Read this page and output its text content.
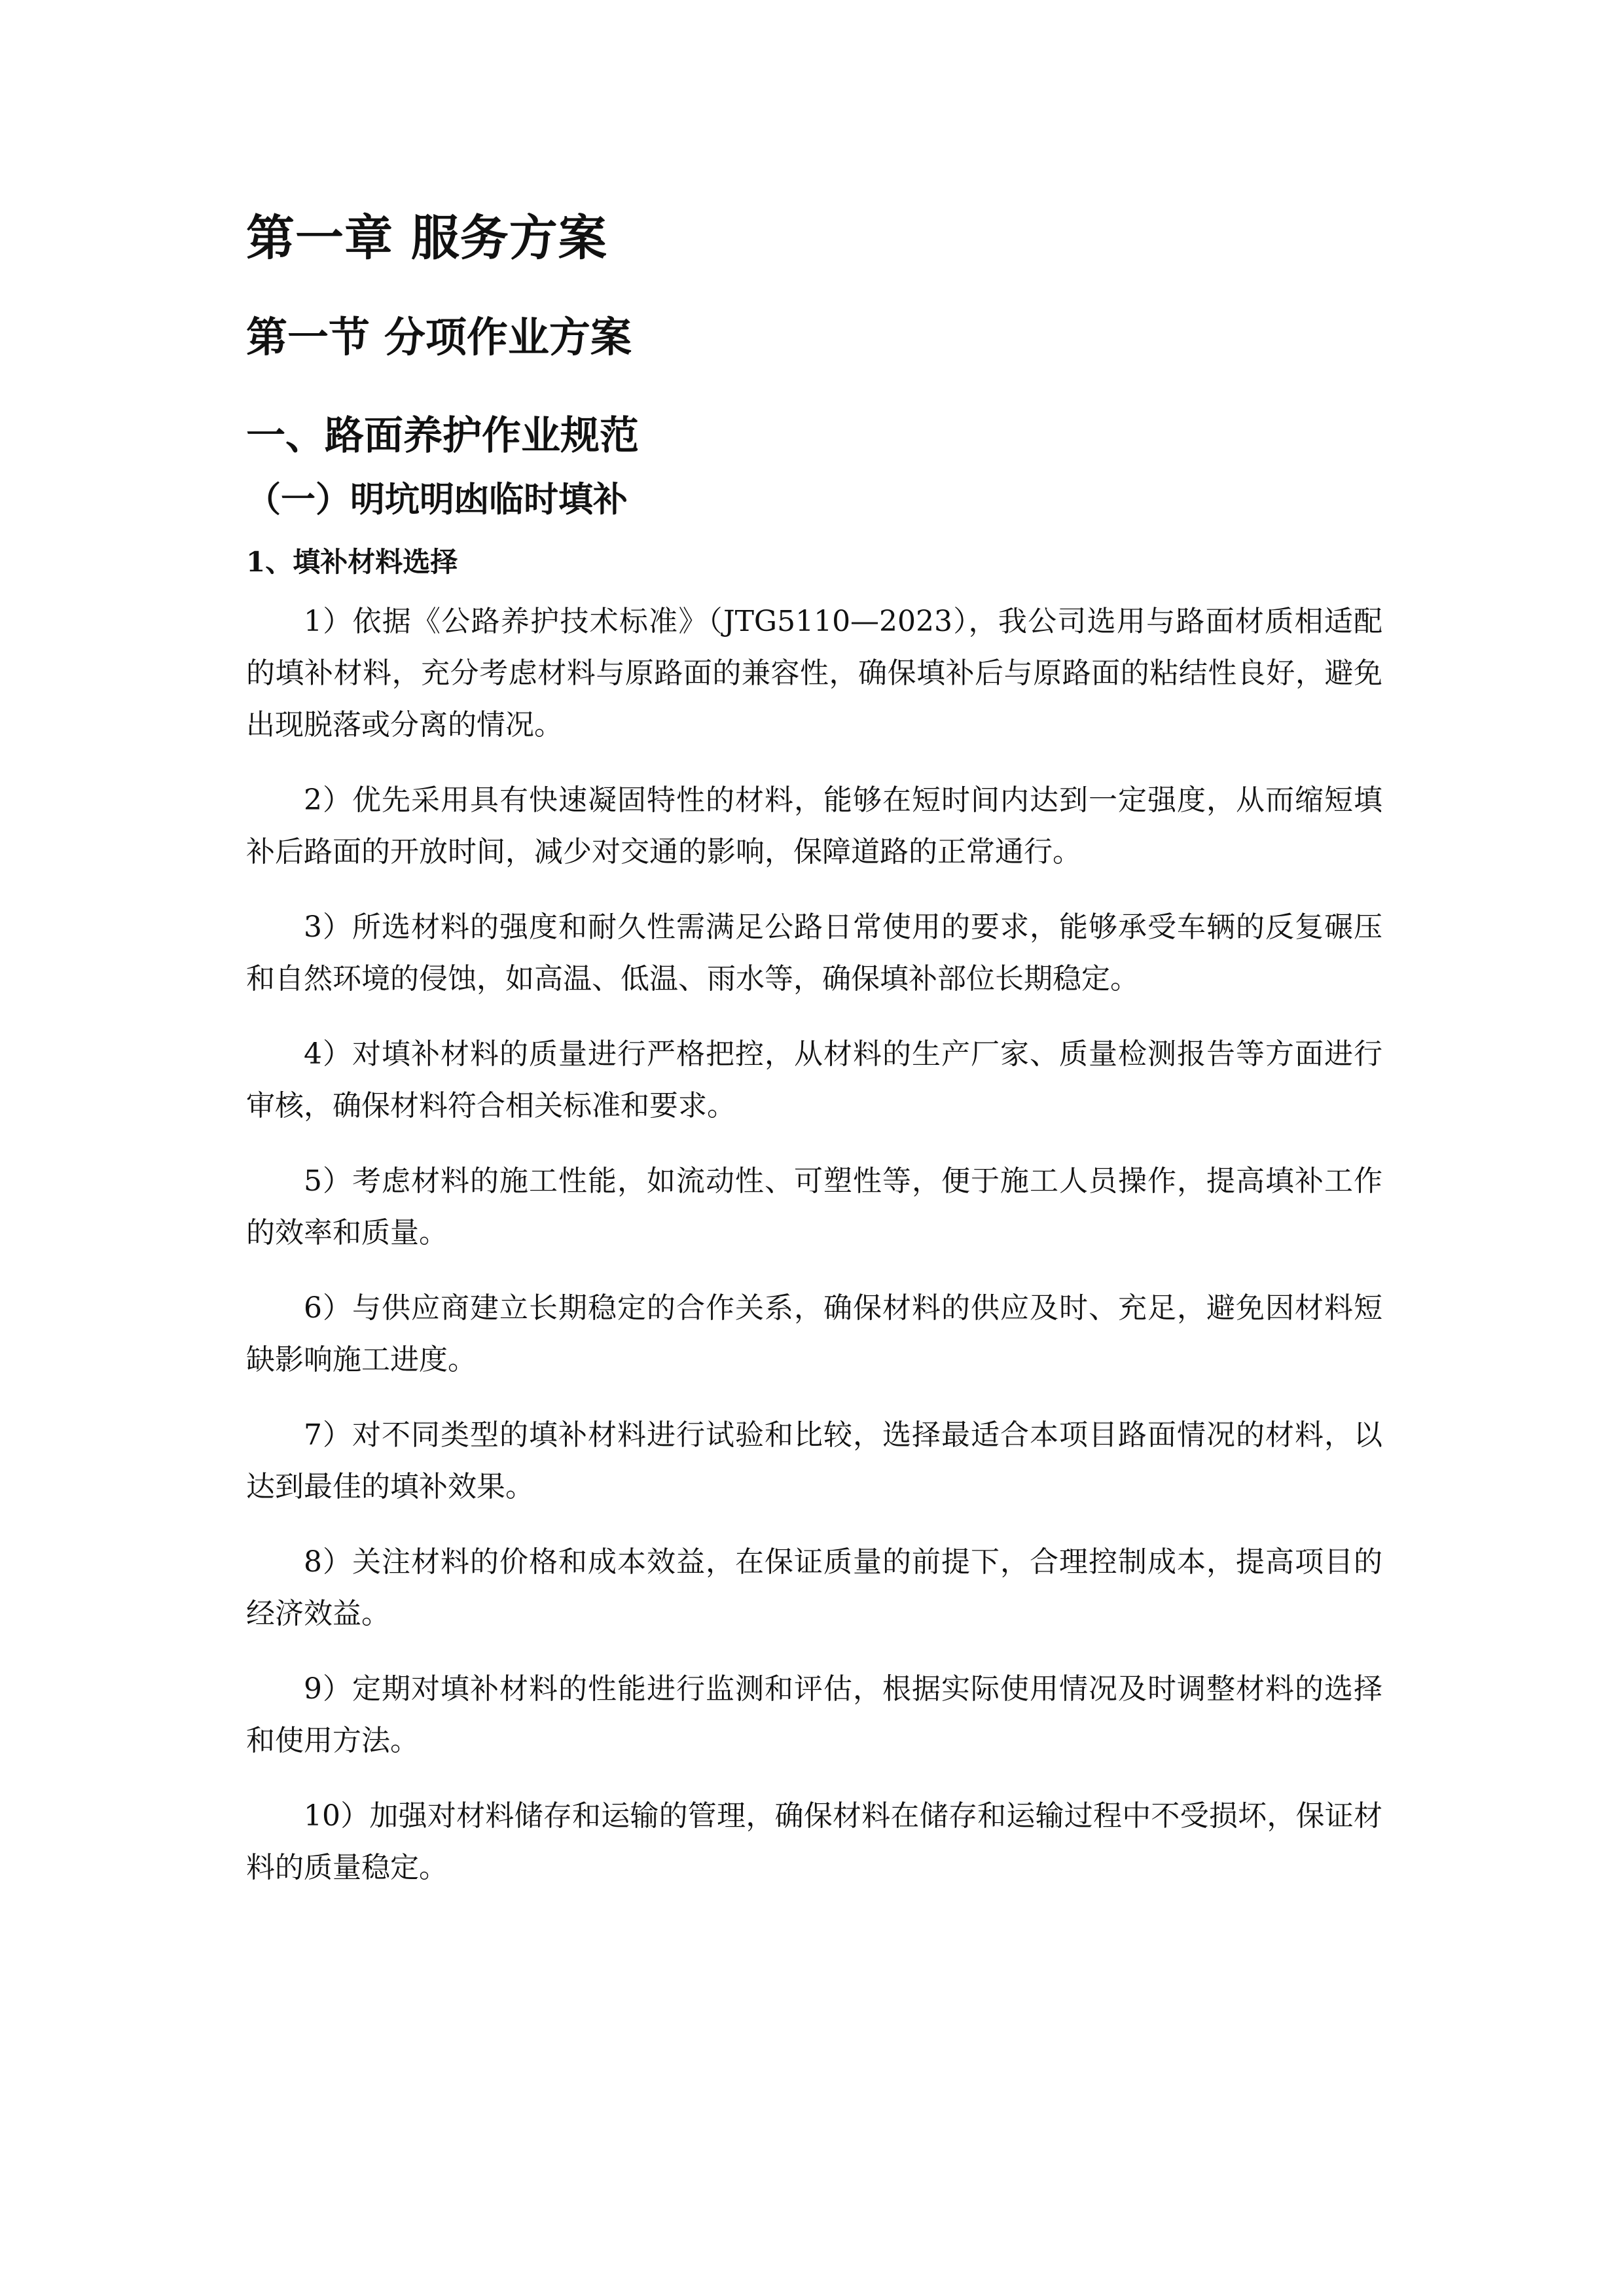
第一章 服务方案
第一节 分项作业方案
一、路面养护作业规范
（一）明坑明凼临时填补
1、填补材料选择

1）依据《公路养护技术标准》（JTG5110—2023），我公司选用与路面材质相适配的填补材料，充分考虑材料与原路面的兼容性，确保填补后与原路面的粘结性良好，避免出现脱落或分离的情况。

2）优先采用具有快速凝固特性的材料，能够在短时间内达到一定强度，从而缩短填补后路面的开放时间，减少对交通的影响，保障道路的正常通行。

3）所选材料的强度和耐久性需满足公路日常使用的要求，能够承受车辆的反复碾压和自然环境的侵蚀，如高温、低温、雨水等，确保填补部位长期稳定。

4）对填补材料的质量进行严格把控，从材料的生产厂家、质量检测报告等方面进行审核，确保材料符合相关标准和要求。

5）考虑材料的施工性能，如流动性、可塑性等，便于施工人员操作，提高填补工作的效率和质量。

6）与供应商建立长期稳定的合作关系，确保材料的供应及时、充足，避免因材料短缺影响施工进度。

7）对不同类型的填补材料进行试验和比较，选择最适合本项目路面情况的材料，以达到最佳的填补效果。

8）关注材料的价格和成本效益，在保证质量的前提下，合理控制成本，提高项目的经济效益。

9）定期对填补材料的性能进行监测和评估，根据实际使用情况及时调整材料的选择和使用方法。

10）加强对材料储存和运输的管理，确保材料在储存和运输过程中不受损坏，保证材料的质量稳定。
